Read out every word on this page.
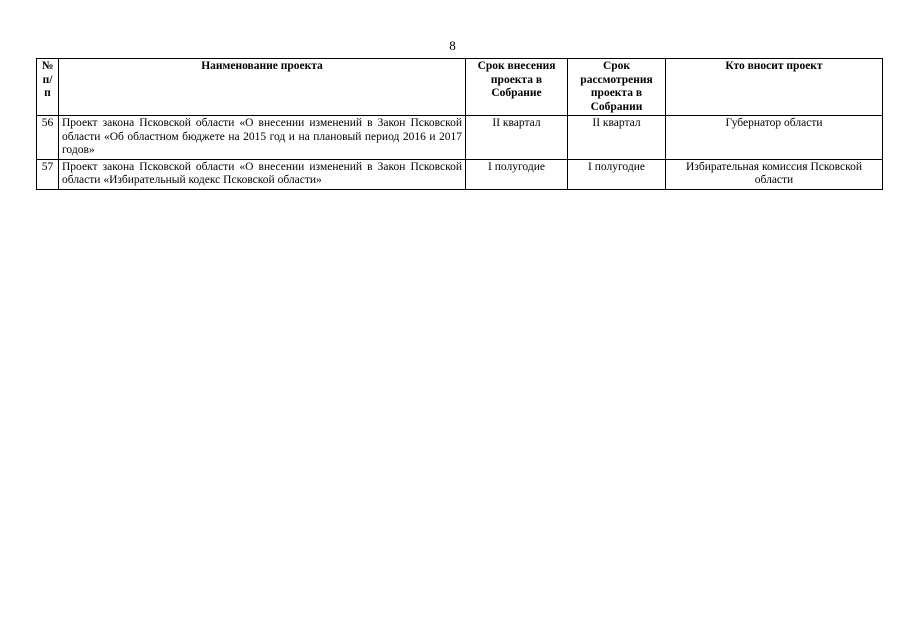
8
№ п/п	Наименование проекта	Срок внесения проекта в Собрание	Срок рассмотрения проекта в Собрании	Кто вносит проект
56	Проект закона Псковской области «О внесении изменений в Закон Псковской области «Об областном бюджете на 2015 год и на плановый период 2016 и 2017 годов»	II квартал	II квартал	Губернатор области
57	Проект закона Псковской области «О внесении изменений в Закон Псковской области «Избирательный кодекс Псковской области»	I полугодие	I полугодие	Избирательная комиссия Псковской области
